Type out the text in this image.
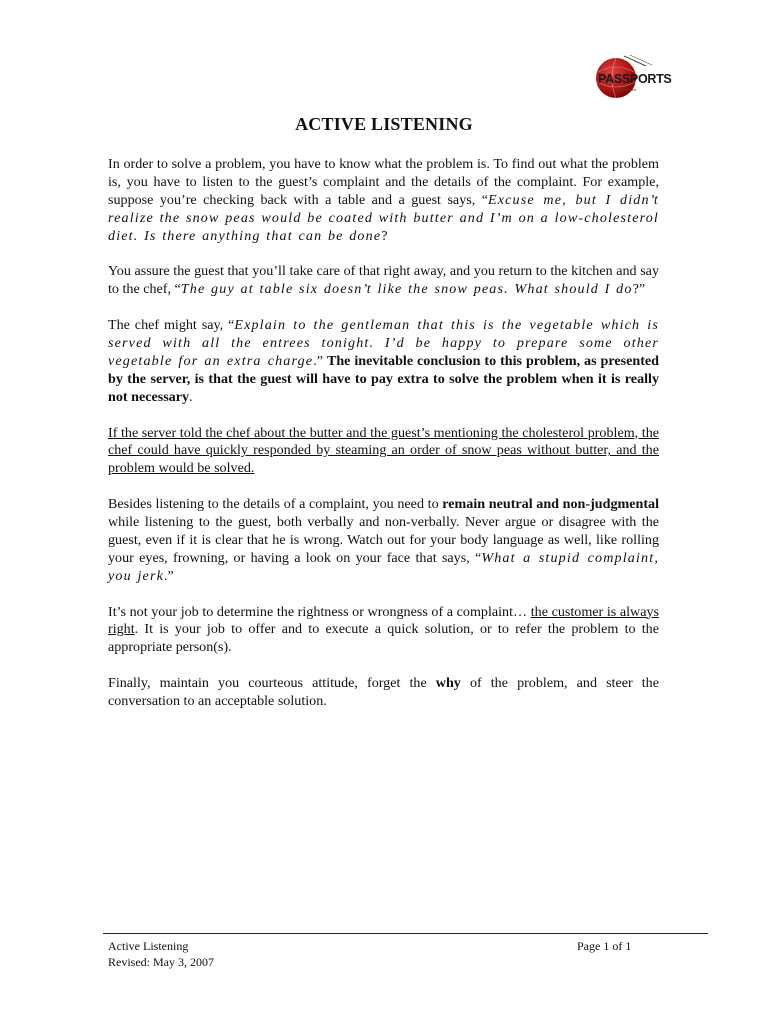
PASSPORTS
by Jacques
ACTIVE LISTENING

In order to solve a problem, you have to know what the problem is. To find out what the problem is, you have to listen to the guest’s complaint and the details of the complaint. For example, suppose you’re checking back with a table and a guest says, “Excuse me, but I didn’t realize the snow peas would be coated with butter and I’m on a low-cholesterol diet. Is there anything that can be done?

You assure the guest that you’ll take care of that right away, and you return to the kitchen and say to the chef, “The guy at table six doesn’t like the snow peas. What should I do?”

The chef might say, “Explain to the gentleman that this is the vegetable which is served with all the entrees tonight. I’d be happy to prepare some other vegetable for an extra charge.” The inevitable conclusion to this problem, as presented by the server, is that the guest will have to pay extra to solve the problem when it is really not necessary.

If the server told the chef about the butter and the guest’s mentioning the cholesterol problem, the chef could have quickly responded by steaming an order of snow peas without butter, and the problem would be solved.

Besides listening to the details of a complaint, you need to remain neutral and non-judgmental while listening to the guest, both verbally and non-verbally. Never argue or disagree with the guest, even if it is clear that he is wrong. Watch out for your body language as well, like rolling your eyes, frowning, or having a look on your face that says, “What a stupid complaint, you jerk.”

It’s not your job to determine the rightness or wrongness of a complaint… the customer is always right. It is your job to offer and to execute a quick solution, or to refer the problem to the appropriate person(s).

Finally, maintain you courteous attitude, forget the why of the problem, and steer the conversation to an acceptable solution.

Active Listening
Revised: May 3, 2007
Page 1 of 1
